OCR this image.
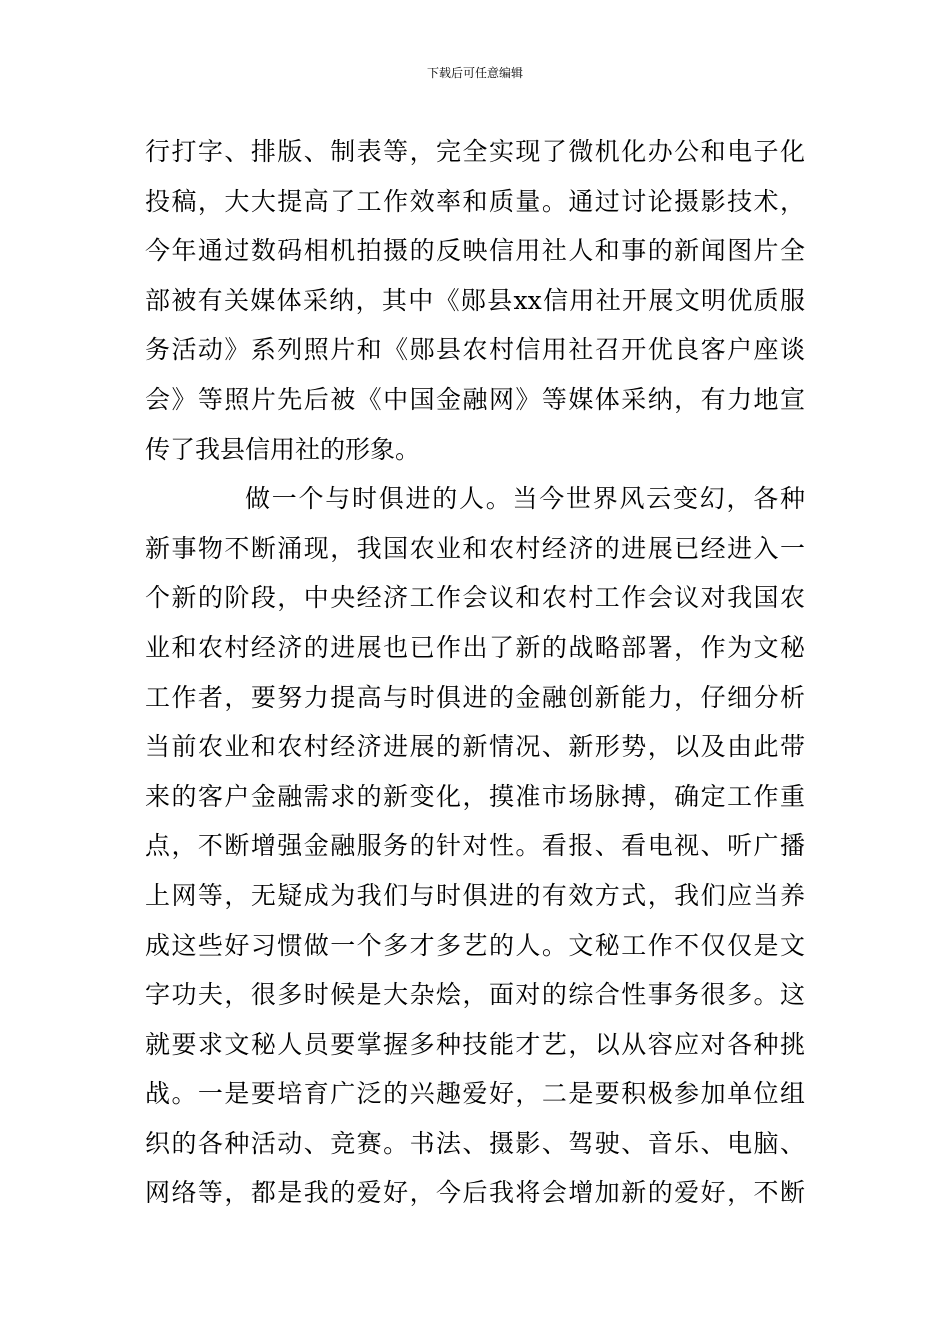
下载后可任意编辑
行打字、排版、制表等，完全实现了微机化办公和电子化
投稿，大大提高了工作效率和质量。通过讨论摄影技术，
今年通过数码相机拍摄的反映信用社人和事的新闻图片全
部被有关媒体采纳，其中《郧县xx信用社开展文明优质服
务活动》系列照片和《郧县农村信用社召开优良客户座谈
会》等照片先后被《中国金融网》等媒体采纳，有力地宣
传了我县信用社的形象。
做一个与时俱进的人。当今世界风云变幻，各种
新事物不断涌现，我国农业和农村经济的进展已经进入一
个新的阶段，中央经济工作会议和农村工作会议对我国农
业和农村经济的进展也已作出了新的战略部署，作为文秘
工作者，要努力提高与时俱进的金融创新能力，仔细分析
当前农业和农村经济进展的新情况、新形势，以及由此带
来的客户金融需求的新变化，摸准市场脉搏，确定工作重
点，不断增强金融服务的针对性。看报、看电视、听广播
上网等，无疑成为我们与时俱进的有效方式，我们应当养
成这些好习惯做一个多才多艺的人。文秘工作不仅仅是文
字功夫，很多时候是大杂烩，面对的综合性事务很多。这
就要求文秘人员要掌握多种技能才艺，以从容应对各种挑
战。一是要培育广泛的兴趣爱好，二是要积极参加单位组
织的各种活动、竞赛。书法、摄影、驾驶、音乐、电脑、
网络等，都是我的爱好，今后我将会增加新的爱好，不断
